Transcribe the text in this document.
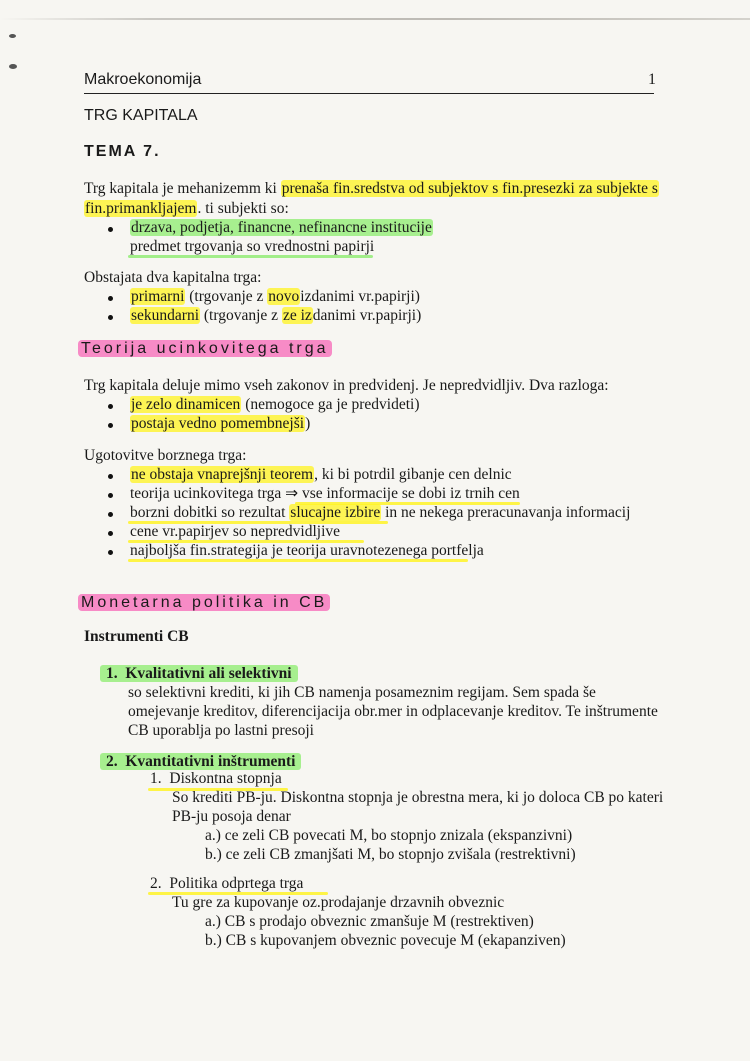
Makroekonomija	1
TRG KAPITALA
TEMA 7.
Trg kapitala je mehanizemm ki prenaša fin.sredstva od subjektov s fin.presezki za subjekte s
fin.primankljajem. ti subjekti so:
drzava, podjetja, financne, nefinancne institucije
predmet trgovanja so vrednostni papirji
Obstajata dva kapitalna trga:
primarni (trgovanje z novoizdanimi vr.papirji)
sekundarni (trgovanje z ze izdanimi vr.papirji)
Teorija ucinkovitega trga
Trg kapitala deluje mimo vseh zakonov in predvidenj. Je nepredvidljiv. Dva razloga:
je zelo dinamicen (nemogoce ga je predvideti)
postaja vedno pomembnejši)
Ugotovitve borznega trga:
ne obstaja vnaprejšnji teorem, ki bi potrdil gibanje cen delnic
teorija ucinkovitega trga ⇒ vse informacije se dobi iz trnih cen
borzni dobitki so rezultat slucajne izbire in ne nekega preracunavanja informacij
cene vr.papirjev so nepredvidljive
najboljša fin.strategija je teorija uravnotezenega portfelja
Monetarna politika in CB
Instrumenti CB
1. Kvalitativni ali selektivni
so selektivni krediti, ki jih CB namenja posameznim regijam. Sem spada še
omejevanje kreditov, diferencijacija obr.mer in odplacevanje kreditov. Te inštrumente
CB uporablja po lastni presoji
2. Kvantitativni inštrumenti
1. Diskontna stopnja
So krediti PB-ju. Diskontna stopnja je obrestna mera, ki jo doloca CB po kateri
PB-ju posoja denar
a.) ce zeli CB povecati M, bo stopnjo znizala (ekspanzivni)
b.) ce zeli CB zmanjšati M, bo stopnjo zvišala (restrektivni)
2. Politika odprtega trga
Tu gre za kupovanje oz.prodajanje drzavnih obveznic
a.) CB s prodajo obveznic zmanšuje M (restrektiven)
b.) CB s kupovanjem obveznic povecuje M (ekapanziven)
